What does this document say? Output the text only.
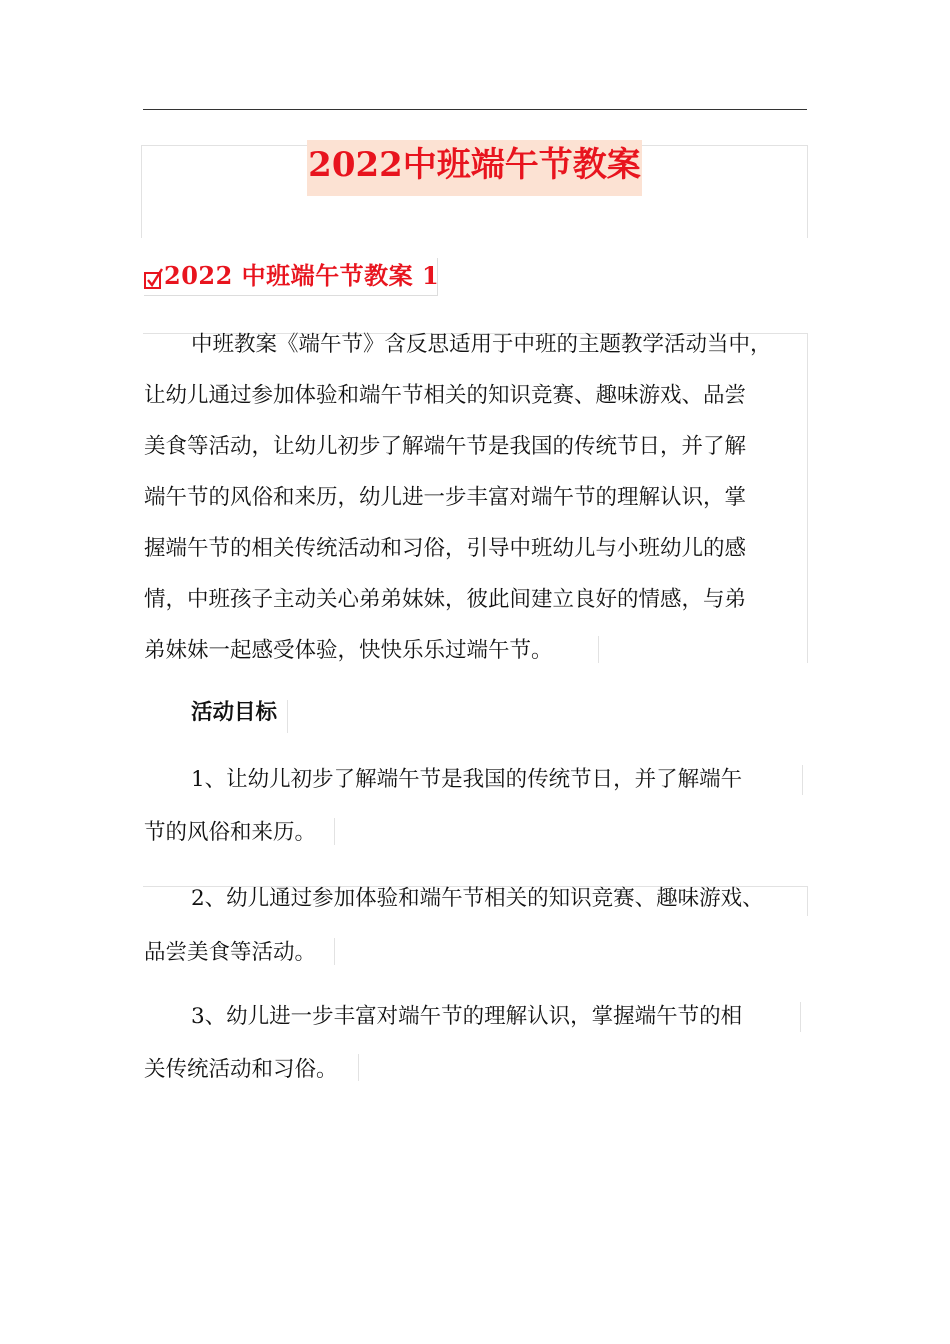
2022中班端午节教案
2022 中班端午节教案 1
中班教案《端午节》含反思适用于中班的主题教学活动当中，
让幼儿通过参加体验和端午节相关的知识竞赛、趣味游戏、品尝
美食等活动，让幼儿初步了解端午节是我国的传统节日，并了解
端午节的风俗和来历，幼儿进一步丰富对端午节的理解认识，掌
握端午节的相关传统活动和习俗，引导中班幼儿与小班幼儿的感
情，中班孩子主动关心弟弟妹妹，彼此间建立良好的情感，与弟
弟妹妹一起感受体验，快快乐乐过端午节。
活动目标
1、让幼儿初步了解端午节是我国的传统节日，并了解端午
节的风俗和来历。
2、幼儿通过参加体验和端午节相关的知识竞赛、趣味游戏、
品尝美食等活动。
3、幼儿进一步丰富对端午节的理解认识，掌握端午节的相
关传统活动和习俗。
